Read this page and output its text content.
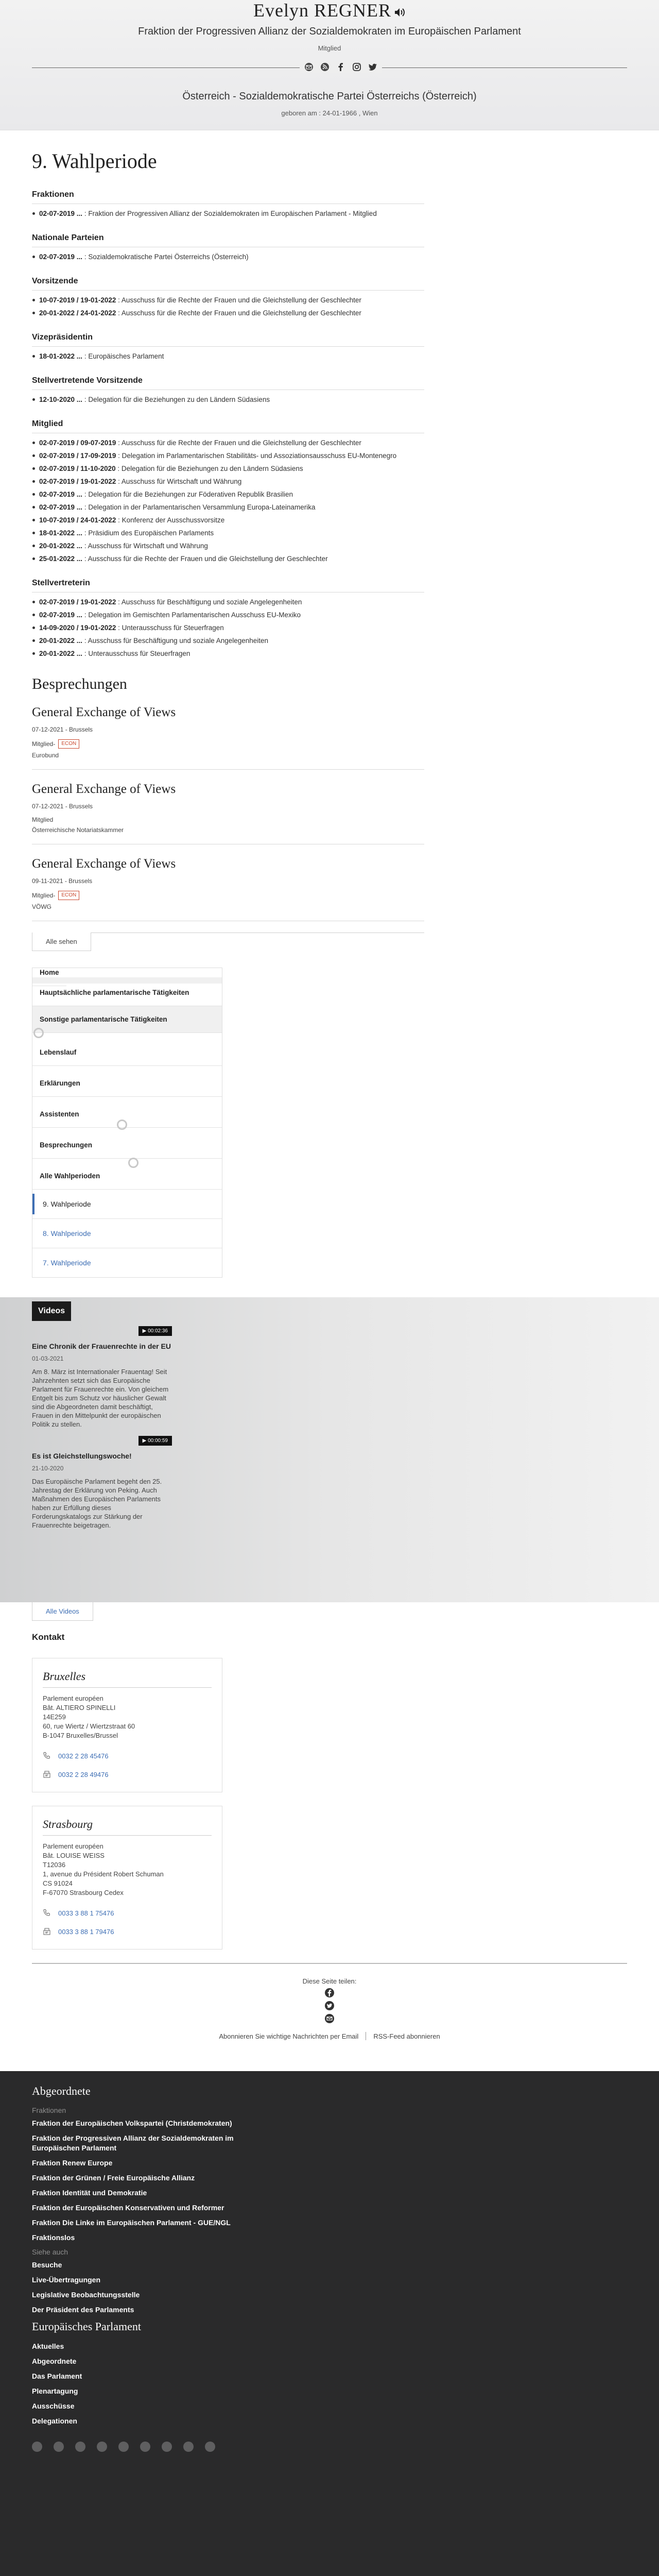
Evelyn REGNER
Fraktion der Progressiven Allianz der Sozialdemokraten im Europäischen Parlament
Mitglied
Österreich - Sozialdemokratische Partei Österreichs (Österreich)
geboren am : 24-01-1966 , Wien
9. Wahlperiode
Fraktionen
02-07-2019 ... : Fraktion der Progressiven Allianz der Sozialdemokraten im Europäischen Parlament - Mitglied
Nationale Parteien
02-07-2019 ... : Sozialdemokratische Partei Österreichs (Österreich)
Vorsitzende
10-07-2019 / 19-01-2022 : Ausschuss für die Rechte der Frauen und die Gleichstellung der Geschlechter
20-01-2022 / 24-01-2022 : Ausschuss für die Rechte der Frauen und die Gleichstellung der Geschlechter
Vizepräsidentin
18-01-2022 ... : Europäisches Parlament
Stellvertretende Vorsitzende
12-10-2020 ... : Delegation für die Beziehungen zu den Ländern Südasiens
Mitglied
02-07-2019 / 09-07-2019 : Ausschuss für die Rechte der Frauen und die Gleichstellung der Geschlechter
02-07-2019 / 17-09-2019 : Delegation im Parlamentarischen Stabilitäts- und Assoziationsausschuss EU-Montenegro
02-07-2019 / 11-10-2020 : Delegation für die Beziehungen zu den Ländern Südasiens
02-07-2019 / 19-01-2022 : Ausschuss für Wirtschaft und Währung
02-07-2019 ... : Delegation für die Beziehungen zur Föderativen Republik Brasilien
02-07-2019 ... : Delegation in der Parlamentarischen Versammlung Europa-Lateinamerika
10-07-2019 / 24-01-2022 : Konferenz der Ausschussvorsitze
18-01-2022 ... : Präsidium des Europäischen Parlaments
20-01-2022 ... : Ausschuss für Wirtschaft und Währung
25-01-2022 ... : Ausschuss für die Rechte der Frauen und die Gleichstellung der Geschlechter
Stellvertreterin
02-07-2019 / 19-01-2022 : Ausschuss für Beschäftigung und soziale Angelegenheiten
02-07-2019 ... : Delegation im Gemischten Parlamentarischen Ausschuss EU-Mexiko
14-09-2020 / 19-01-2022 : Unterausschuss für Steuerfragen
20-01-2022 ... : Ausschuss für Beschäftigung und soziale Angelegenheiten
20-01-2022 ... : Unterausschuss für Steuerfragen
Besprechungen
General Exchange of Views
07-12-2021 - Brussels
Mitglied -	ECON
Eurobund
General Exchange of Views
07-12-2021 - Brussels
Mitglied
Österreichische Notariatskammer
General Exchange of Views
09-11-2021 - Brussels
Mitglied -	ECON
VÖWG
Alle sehen
Home
Hauptsächliche parlamentarische Tätigkeiten
Sonstige parlamentarische Tätigkeiten
Lebenslauf
Erklärungen
Assistenten
Besprechungen
Alle Wahlperioden
9. Wahlperiode
8. Wahlperiode
7. Wahlperiode
Videos
▶ 00:02:36
Eine Chronik der Frauenrechte in der EU
01-03-2021
Am 8. März ist Internationaler Frauentag! Seit Jahrzehnten setzt sich das Europäische Parlament für Frauenrechte ein. Von gleichem Entgelt bis zum Schutz vor häuslicher Gewalt sind die Abgeordneten damit beschäftigt, Frauen in den Mittelpunkt der europäischen Politik zu stellen.
▶ 00:00:59
Es ist Gleichstellungswoche!
21-10-2020
Das Europäische Parlament begeht den 25. Jahrestag der Erklärung von Peking. Auch Maßnahmen des Europäischen Parlaments haben zur Erfüllung dieses Forderungskatalogs zur Stärkung der Frauenrechte beigetragen.
Alle Videos
Kontakt
Bruxelles
Parlement européen
Bât. ALTIERO SPINELLI
14E259
60, rue Wiertz / Wiertzstraat 60
B-1047 Bruxelles/Brussel
0032 2 28 45476
0032 2 28 49476
Strasbourg
Parlement européen
Bât. LOUISE WEISS
T12036
1, avenue du Président Robert Schuman
CS 91024
F-67070 Strasbourg Cedex
0033 3 88 1 75476
0033 3 88 1 79476
Diese Seite teilen:
Abonnieren Sie wichtige Nachrichten per Email RSS-Feed abonnieren
Abgeordnete
Fraktionen
Fraktion der Europäischen Volkspartei (Christdemokraten)
Fraktion der Progressiven Allianz der Sozialdemokraten im Europäischen Parlament
Fraktion Renew Europe
Fraktion der Grünen / Freie Europäische Allianz
Fraktion Identität und Demokratie
Fraktion der Europäischen Konservativen und Reformer
Fraktion Die Linke im Europäischen Parlament - GUE/NGL
Fraktionslos
Siehe auch
Besuche
Live-Übertragungen
Legislative Beobachtungsstelle
Der Präsident des Parlaments
Europäisches Parlament
Aktuelles
Abgeordnete
Das Parlament
Plenartagung
Ausschüsse
Delegationen
